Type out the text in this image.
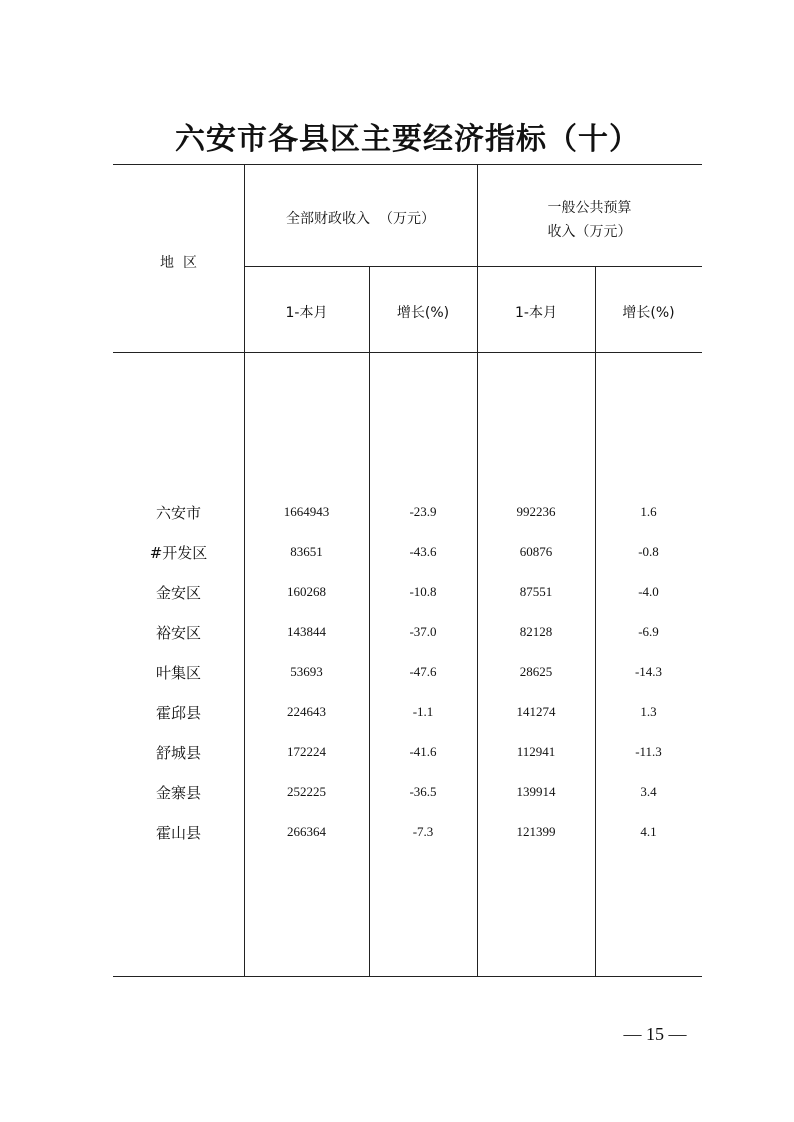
六安市各县区主要经济指标（十）
地  区
全部财政收入  （万元）
一般公共预算
收入（万元）
1-本月	增长(%)	1-本月	增长(%)
六安市	1664943	-23.9	992236	1.6
#开发区	83651	-43.6	60876	-0.8
金安区	160268	-10.8	87551	-4.0
裕安区	143844	-37.0	82128	-6.9
叶集区	53693	-47.6	28625	-14.3
霍邱县	224643	-1.1	141274	1.3
舒城县	172224	-41.6	112941	-11.3
金寨县	252225	-36.5	139914	3.4
霍山县	266364	-7.3	121399	4.1
— 15 —
